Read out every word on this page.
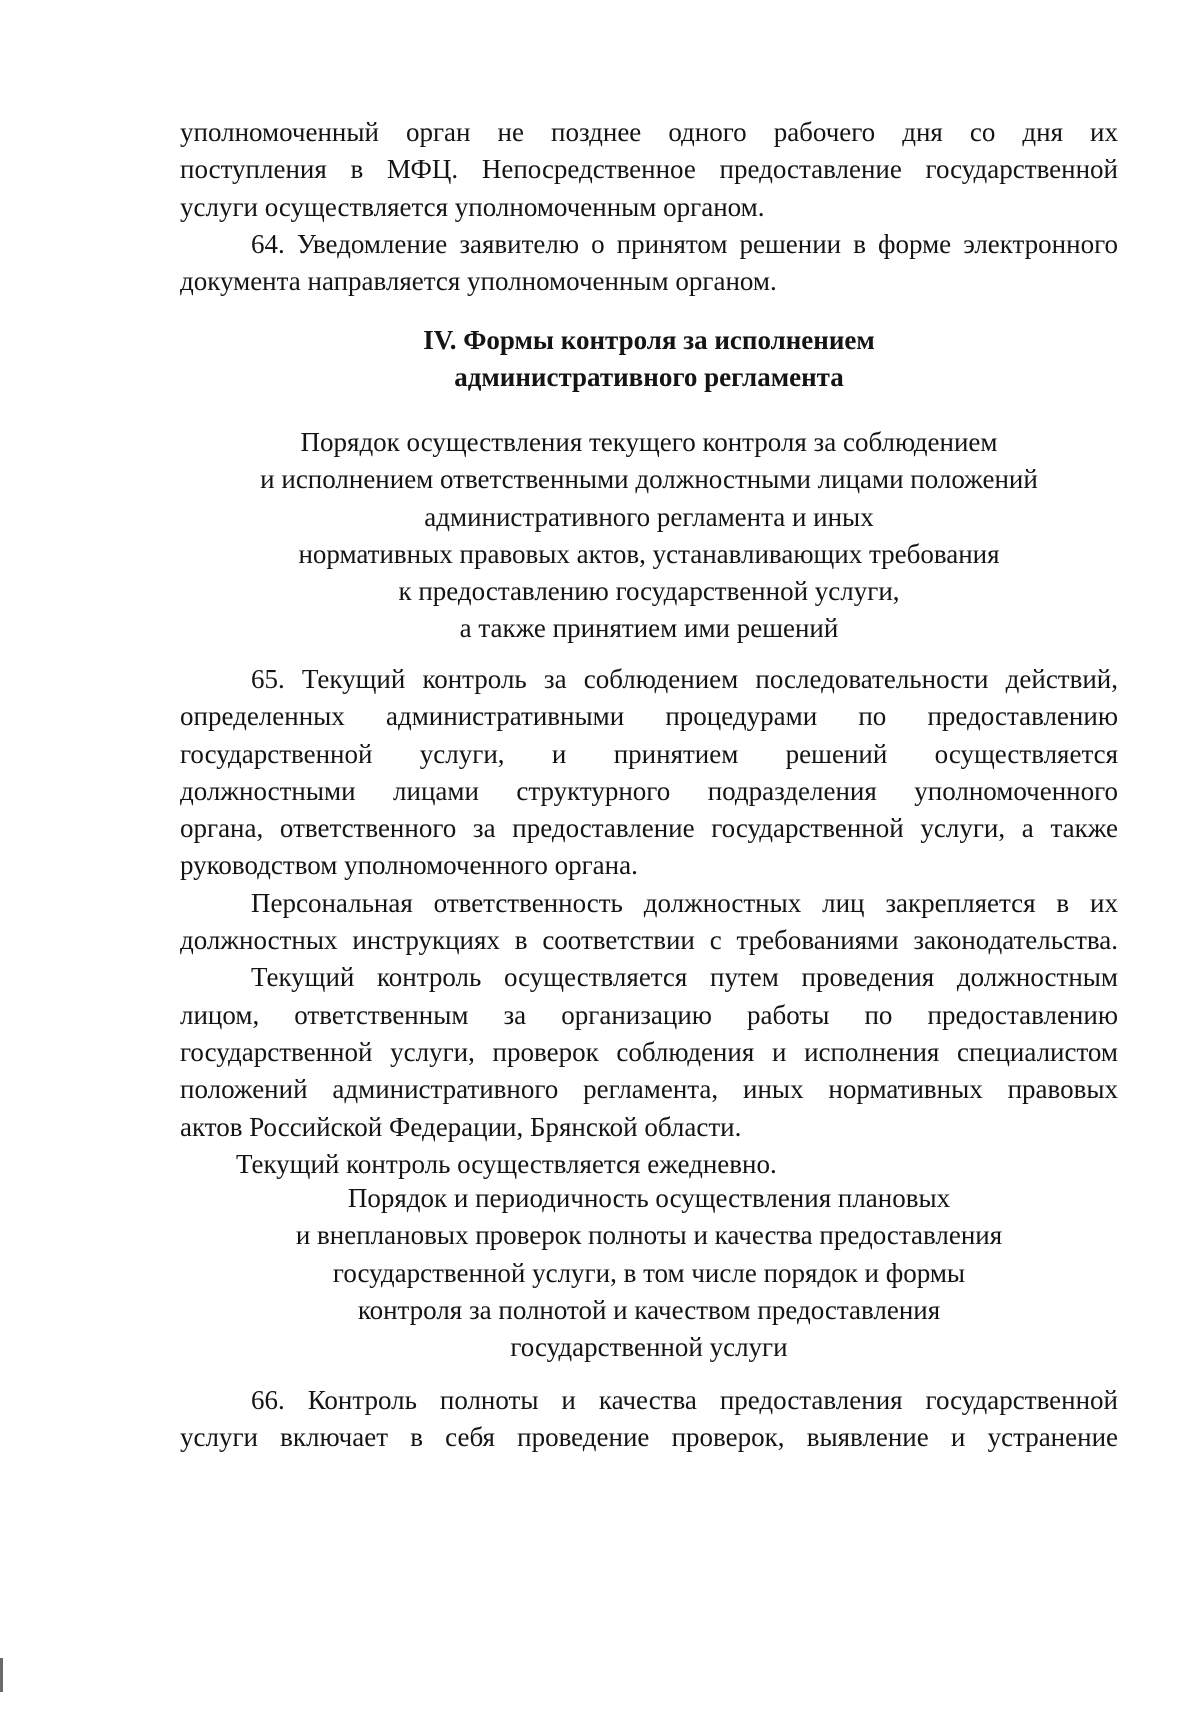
уполномоченный орган не позднее одного рабочего дня со дня их
поступления в МФЦ. Непосредственное предоставление государственной
услуги осуществляется уполномоченным органом.
64. Уведомление заявителю о принятом решении в форме электронного
документа направляется уполномоченным органом.
IV. Формы контроля за исполнением
административного регламента
Порядок осуществления текущего контроля за соблюдением
и исполнением ответственными должностными лицами положений
административного регламента и иных
нормативных правовых актов, устанавливающих требования
к предоставлению государственной услуги,
а также принятием ими решений
65. Текущий контроль за соблюдением последовательности действий,
определенных административными процедурами по предоставлению
государственной услуги, и принятием решений осуществляется
должностными лицами структурного подразделения уполномоченного
органа, ответственного за предоставление государственной услуги, а также
руководством уполномоченного органа.
Персональная ответственность должностных лиц закрепляется в их
должностных инструкциях в соответствии с требованиями законодательства.
Текущий контроль осуществляется путем проведения должностным
лицом, ответственным за организацию работы по предоставлению
государственной услуги, проверок соблюдения и исполнения специалистом
положений административного регламента, иных нормативных правовых
актов Российской Федерации, Брянской области.
Текущий контроль осуществляется ежедневно.
Порядок и периодичность осуществления плановых
и внеплановых проверок полноты и качества предоставления
государственной услуги, в том числе порядок и формы
контроля за полнотой и качеством предоставления
государственной услуги
66. Контроль полноты и качества предоставления государственной
услуги включает в себя проведение проверок, выявление и устранение
